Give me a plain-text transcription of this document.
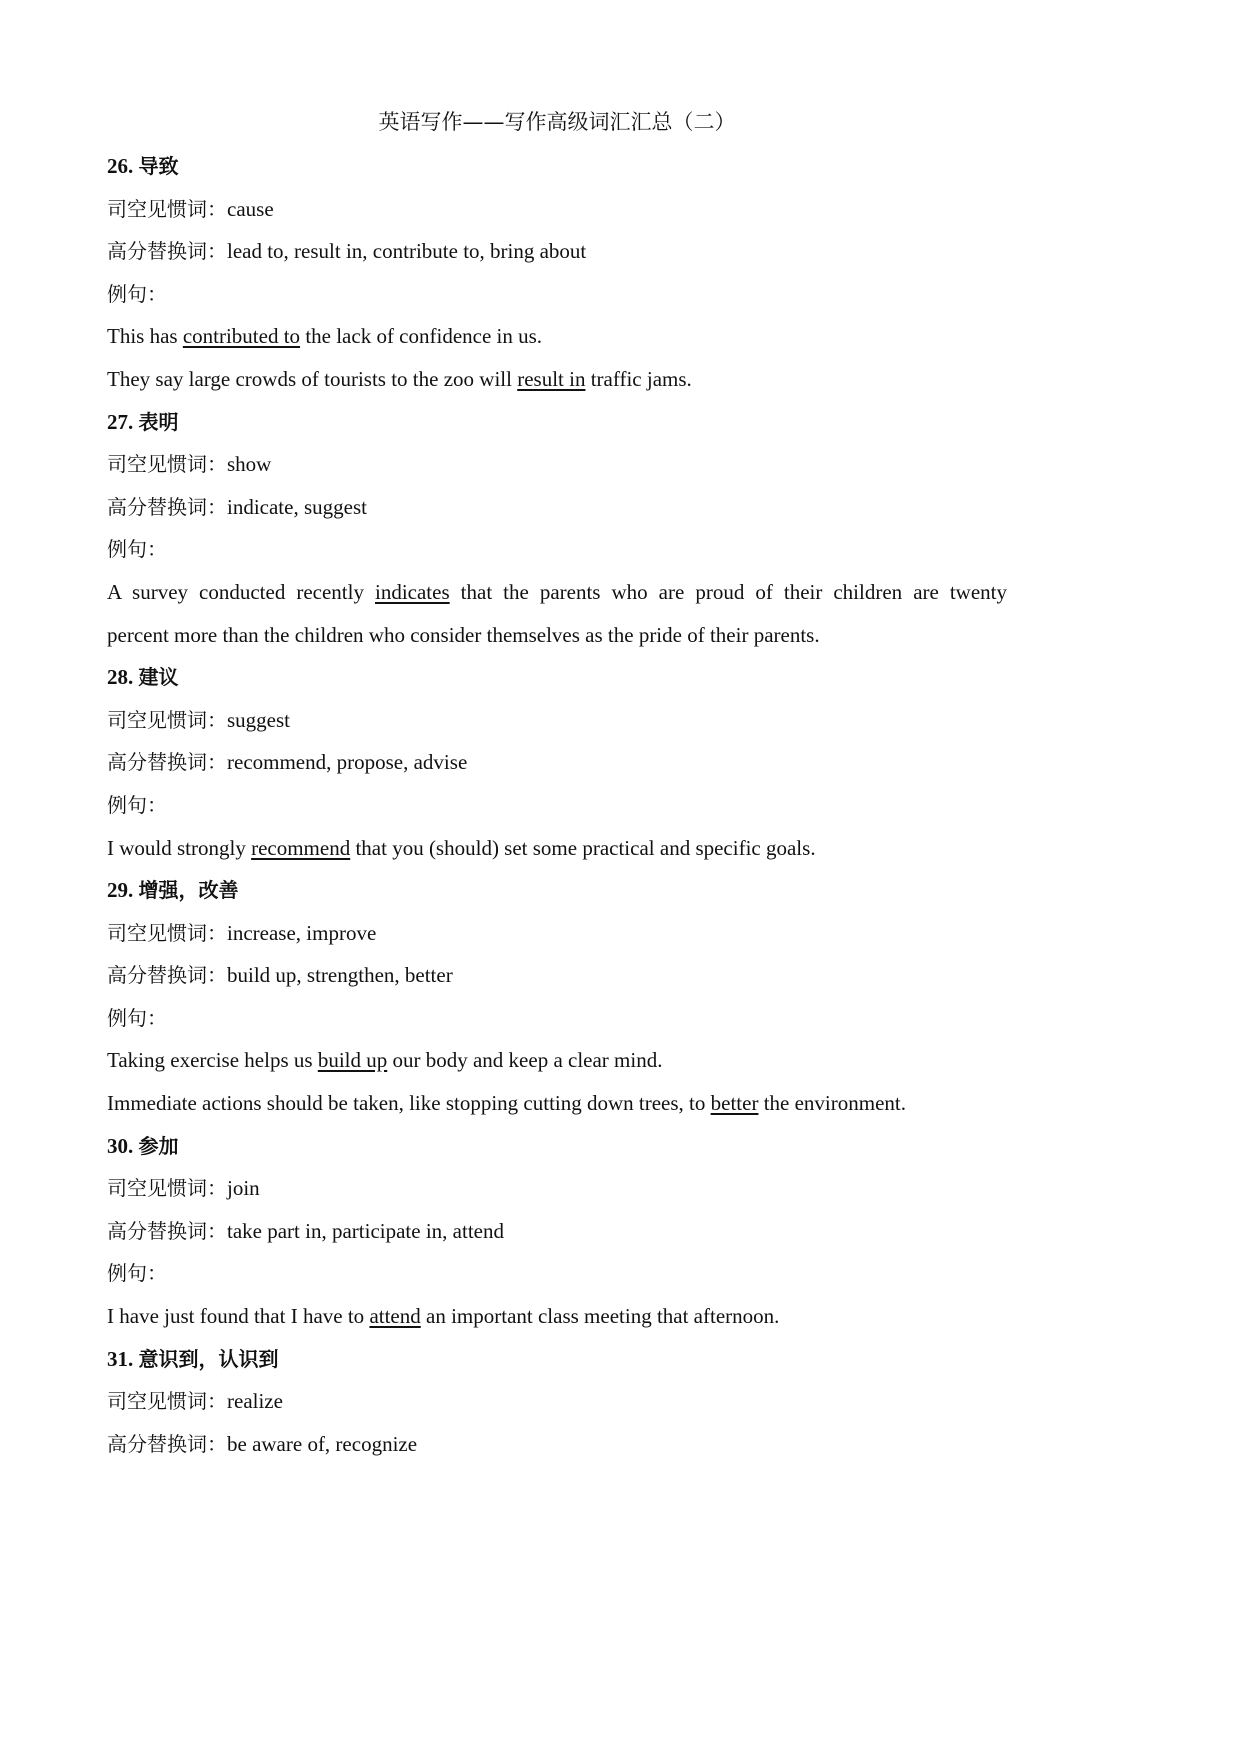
英语写作——写作高级词汇汇总（二）
26. 导致
司空见惯词：cause
高分替换词：lead to, result in, contribute to, bring about
例句：
This has contributed to the lack of confidence in us.
They say large crowds of tourists to the zoo will result in traffic jams.
27. 表明
司空见惯词：show
高分替换词：indicate, suggest
例句：
A survey conducted recently indicates that the parents who are proud of their children are twenty
percent more than the children who consider themselves as the pride of their parents.
28. 建议
司空见惯词：suggest
高分替换词：recommend, propose, advise
例句：
I would strongly recommend that you (should) set some practical and specific goals.
29. 增强，改善
司空见惯词：increase, improve
高分替换词：build up, strengthen, better
例句：
Taking exercise helps us build up our body and keep a clear mind.
Immediate actions should be taken, like stopping cutting down trees, to better the environment.
30. 参加
司空见惯词：join
高分替换词：take part in, participate in, attend
例句：
I have just found that I have to attend an important class meeting that afternoon.
31. 意识到，认识到
司空见惯词：realize
高分替换词：be aware of, recognize
